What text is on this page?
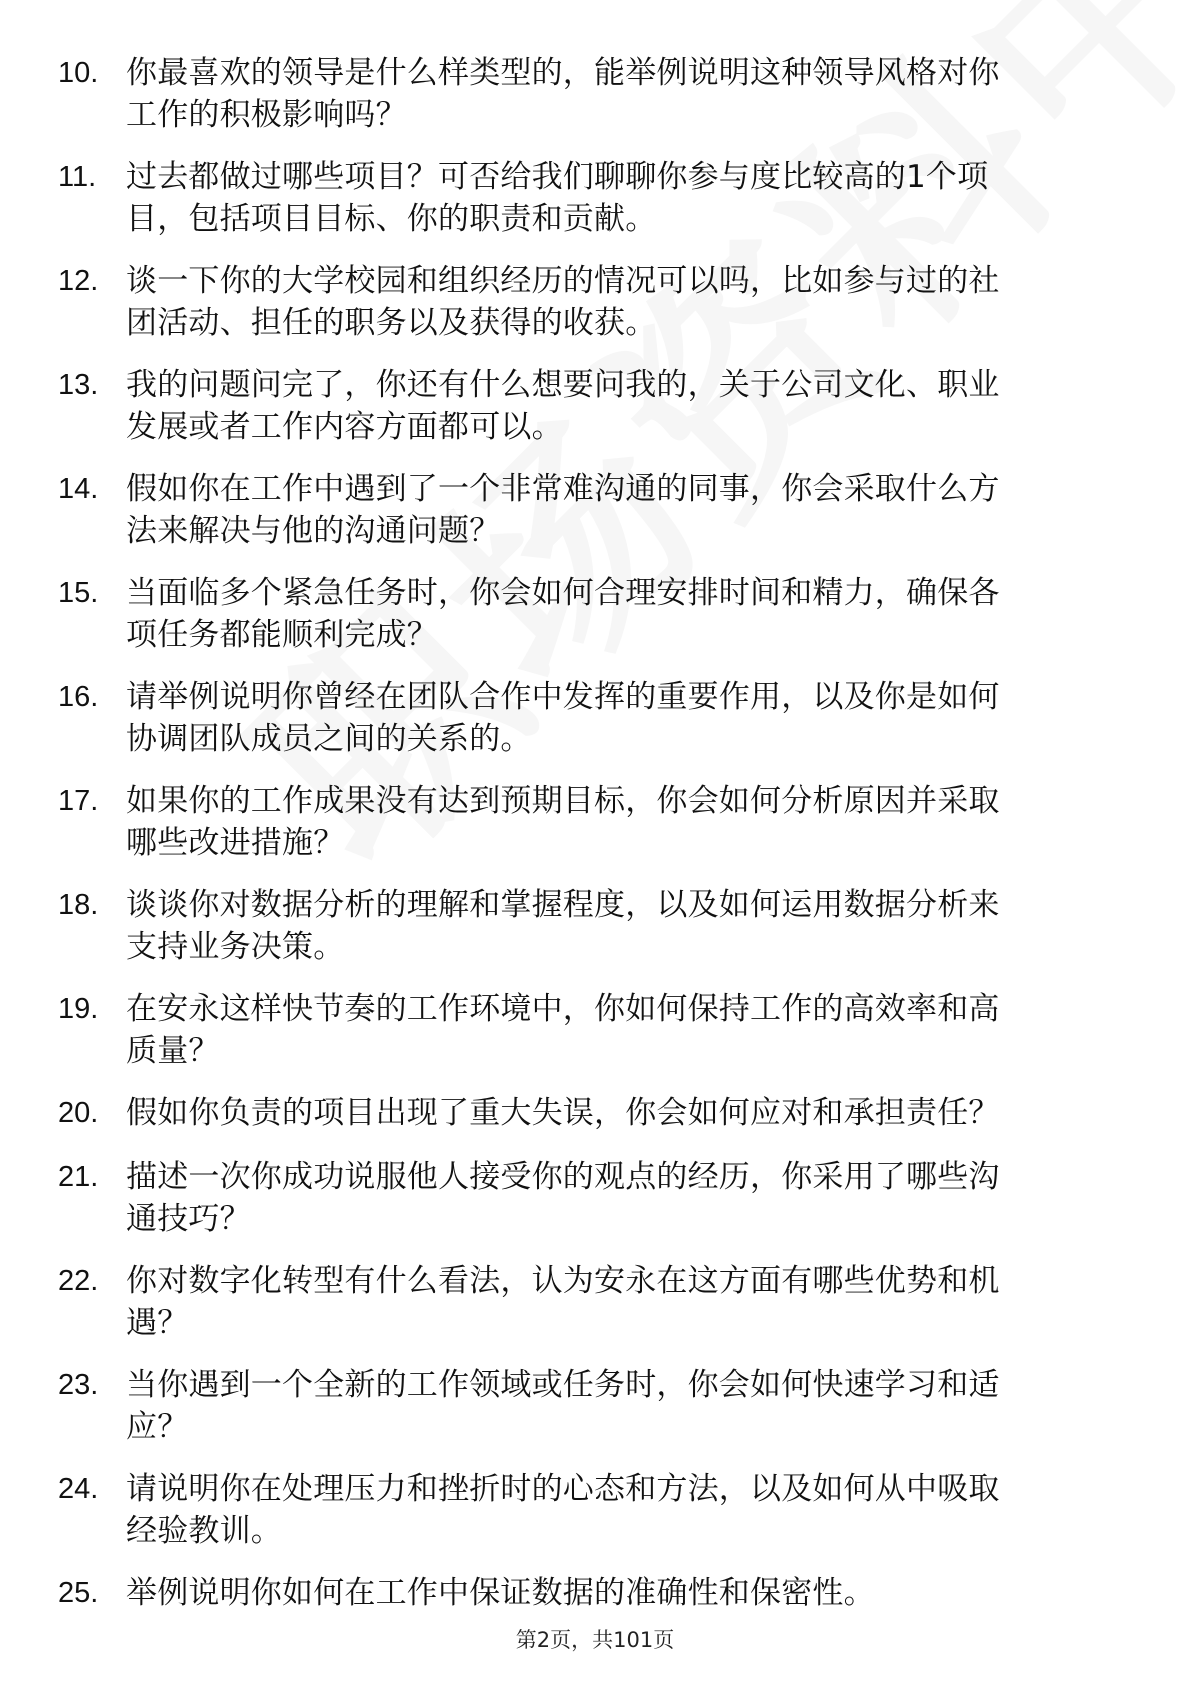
10. 你最喜欢的领导是什么样类型的，能举例说明这种领导风格对你
工作的积极影响吗？
11. 过去都做过哪些项目？可否给我们聊聊你参与度比较高的1个项
目，包括项目目标、你的职责和贡献。
12. 谈一下你的大学校园和组织经历的情况可以吗，比如参与过的社
团活动、担任的职务以及获得的收获。
13. 我的问题问完了，你还有什么想要问我的，关于公司文化、职业
发展或者工作内容方面都可以。
14. 假如你在工作中遇到了一个非常难沟通的同事，你会采取什么方
法来解决与他的沟通问题？
15. 当面临多个紧急任务时，你会如何合理安排时间和精力，确保各
项任务都能顺利完成？
16. 请举例说明你曾经在团队合作中发挥的重要作用，以及你是如何
协调团队成员之间的关系的。
17. 如果你的工作成果没有达到预期目标，你会如何分析原因并采取
哪些改进措施？
18. 谈谈你对数据分析的理解和掌握程度，以及如何运用数据分析来
支持业务决策。
19. 在安永这样快节奏的工作环境中，你如何保持工作的高效率和高
质量？
20. 假如你负责的项目出现了重大失误，你会如何应对和承担责任？
21. 描述一次你成功说服他人接受你的观点的经历，你采用了哪些沟
通技巧？
22. 你对数字化转型有什么看法，认为安永在这方面有哪些优势和机
遇？
23. 当你遇到一个全新的工作领域或任务时，你会如何快速学习和适
应？
24. 请说明你在处理压力和挫折时的心态和方法，以及如何从中吸取
经验教训。
25. 举例说明你如何在工作中保证数据的准确性和保密性。
第2页，共101页
